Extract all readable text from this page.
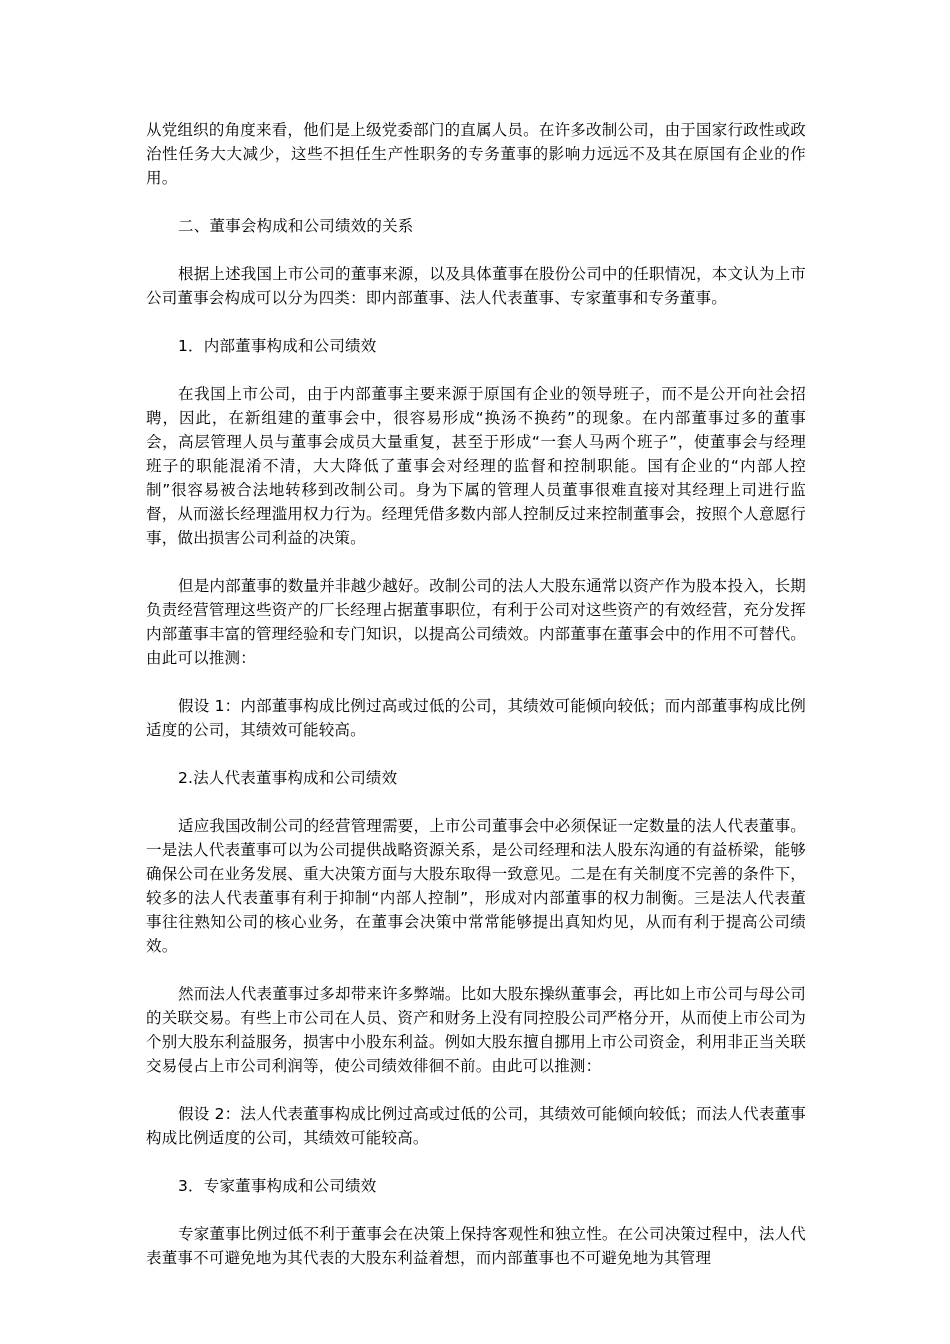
从党组织的角度来看，他们是上级党委部门的直属人员。在许多改制公司，由于国家行政性或政治性任务大大减少，这些不担任生产性职务的专务董事的影响力远远不及其在原国有企业的作用。

二、董事会构成和公司绩效的关系

根据上述我国上市公司的董事来源，以及具体董事在股份公司中的任职情况，本文认为上市公司董事会构成可以分为四类：即内部董事、法人代表董事、专家董事和专务董事。

1．内部董事构成和公司绩效

在我国上市公司，由于内部董事主要来源于原国有企业的领导班子，而不是公开向社会招聘，因此，在新组建的董事会中，很容易形成“换汤不换药”的现象。在内部董事过多的董事会，高层管理人员与董事会成员大量重复，甚至于形成“一套人马两个班子”，使董事会与经理班子的职能混淆不清，大大降低了董事会对经理的监督和控制职能。国有企业的“内部人控制”很容易被合法地转移到改制公司。身为下属的管理人员董事很难直接对其经理上司进行监督，从而滋长经理滥用权力行为。经理凭借多数内部人控制反过来控制董事会，按照个人意愿行事，做出损害公司利益的决策。

但是内部董事的数量并非越少越好。改制公司的法人大股东通常以资产作为股本投入，长期负责经营管理这些资产的厂长经理占据董事职位，有利于公司对这些资产的有效经营，充分发挥内部董事丰富的管理经验和专门知识，以提高公司绩效。内部董事在董事会中的作用不可替代。由此可以推测：

假设 1：内部董事构成比例过高或过低的公司，其绩效可能倾向较低；而内部董事构成比例适度的公司，其绩效可能较高。

2.法人代表董事构成和公司绩效

适应我国改制公司的经营管理需要，上市公司董事会中必须保证一定数量的法人代表董事。一是法人代表董事可以为公司提供战略资源关系，是公司经理和法人股东沟通的有益桥梁，能够确保公司在业务发展、重大决策方面与大股东取得一致意见。二是在有关制度不完善的条件下，较多的法人代表董事有利于抑制“内部人控制”，形成对内部董事的权力制衡。三是法人代表董事往往熟知公司的核心业务，在董事会决策中常常能够提出真知灼见，从而有利于提高公司绩效。

然而法人代表董事过多却带来许多弊端。比如大股东操纵董事会，再比如上市公司与母公司的关联交易。有些上市公司在人员、资产和财务上没有同控股公司严格分开，从而使上市公司为个别大股东利益服务，损害中小股东利益。例如大股东擅自挪用上市公司资金，利用非正当关联交易侵占上市公司利润等，使公司绩效徘徊不前。由此可以推测：

假设 2：法人代表董事构成比例过高或过低的公司，其绩效可能倾向较低；而法人代表董事构成比例适度的公司，其绩效可能较高。

3．专家董事构成和公司绩效

专家董事比例过低不利于董事会在决策上保持客观性和独立性。在公司决策过程中，法人代表董事不可避免地为其代表的大股东利益着想，而内部董事也不可避免地为其管理
